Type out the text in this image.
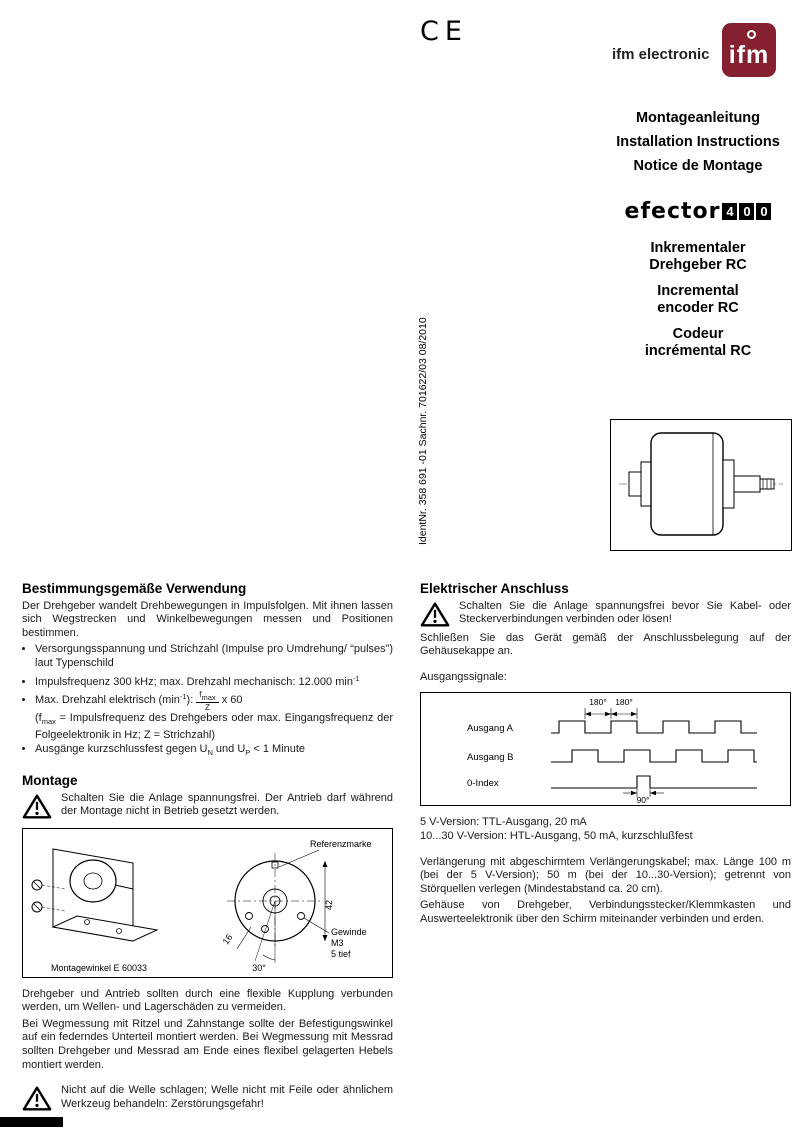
CE
ifm electronic ifm
Montageanleitung
Installation Instructions
Notice de Montage
efector 4 0 0
Inkrementaler
Drehgeber RC
Incremental
encoder RC
Codeur
incrémental RC
IdentNr. 358 691 -01 Sachnr. 701622/03 08/2010
Bestimmungsgemäße Verwendung

Der Drehgeber wandelt Drehbewegungen in Impulsfolgen. Mit ihnen lassen sich Wegstrecken und Winkelbewegungen messen und Positionen bestimmen.

• Versorgungsspannung und Strichzahl (Impulse pro Umdrehung/ “pulses”) laut Typenschild
• Impulsfrequenz 300 kHz; max. Drehzahl mechanisch: 12.000 $\min^{-1}$
• Max. Drehzahl elektrisch $(\min^{-1})$: $\frac{fmax}{Z}$ x 60
($f_{max}$ = Impulsfrequenz des Drehgebers oder max. Eingangsfrequenz der Folgeelektronik in Hz; Z = Strichzahl)
• Ausgänge kurzschlussfest gegen $U_N$ und $U_P < 1$ Minute
Montage

Schalten Sie die Anlage spannungsfrei. Der Antrieb darf während der Montage nicht in Betrieb gesetzt werden.

Referenzmarke
42
16
30°
Gewinde
M3
5 tief
Montagewinkel E 60033

Drehgeber und Antrieb sollten durch eine flexible Kupplung verbunden werden, um Wellen- und Lagerschäden zu vermeiden.

Bei Wegmessung mit Ritzel und Zahnstange sollte der Befestigungswinkel auf ein federndes Unterteil montiert werden. Bei Wegmessung mit Messrad sollten Drehgeber und Messrad am Ende eines flexibel gelagerten Hebels montiert werden.

Nicht auf die Welle schlagen; Welle nicht mit Feile oder ähnlichem Werkzeug behandeln: Zerstörungsgefahr!

Elektrischer Anschluss

Schalten Sie die Anlage spannungsfrei bevor Sie Kabel- oder Steckerverbindungen verbinden oder lösen!

Schließen Sie das Gerät gemäß der Anschlussbelegung auf der Gehäusekappe an.

Ausgangssignale:

Ausgang A
Ausgang B
0-Index
180° 180°
90°

5 V-Version: TTL-Ausgang, 20 mA

10...30 V-Version: HTL-Ausgang, 50 mA, kurzschlußfest

Verlängerung mit abgeschirmtem Verlängerungskabel; max. Länge 100 m (bei der 5 V-Version); 50 m (bei der 10...30-Version); getrennt von Störquellen verlegen (Mindestabstand ca. 20 cm).

Gehäuse von Drehgeber, Verbindungsstecker/Klemmkasten und Auswerteelektronik über den Schirm miteinander verbinden und erden.
